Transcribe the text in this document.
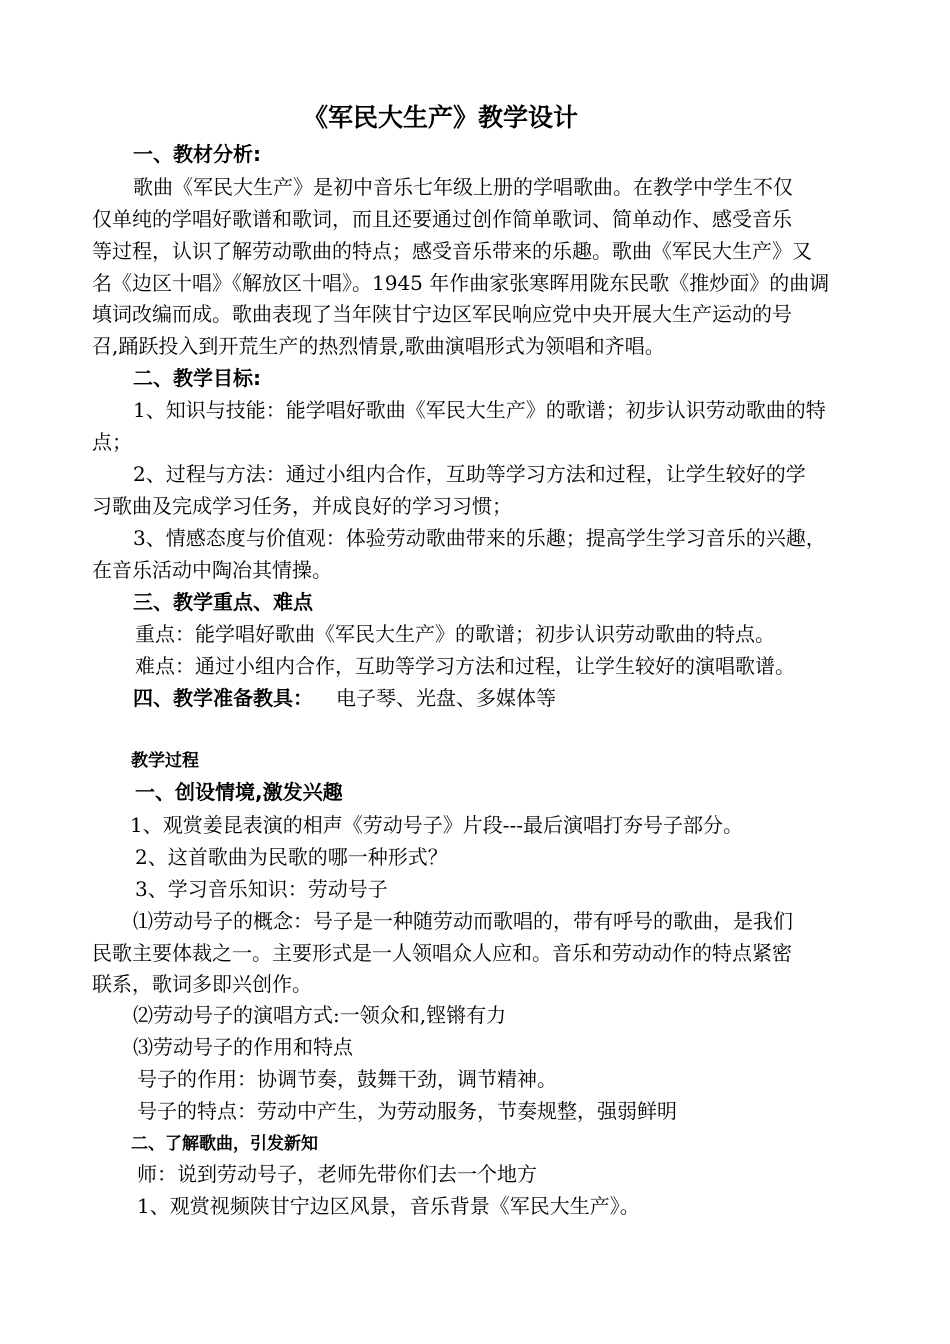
《军民大生产》教学设计
一、教材分析:
歌曲《军民大生产》是初中音乐七年级上册的学唱歌曲。在教学中学生不仅
仅单纯的学唱好歌谱和歌词，而且还要通过创作简单歌词、简单动作、感受音乐
等过程，认识了解劳动歌曲的特点；感受音乐带来的乐趣。歌曲《军民大生产》又
名《边区十唱》《解放区十唱》。1945 年作曲家张寒晖用陇东民歌《推炒面》的曲调
填词改编而成。歌曲表现了当年陕甘宁边区军民响应党中央开展大生产运动的号
召,踊跃投入到开荒生产的热烈情景,歌曲演唱形式为领唱和齐唱。
二、教学目标:
1、知识与技能：能学唱好歌曲《军民大生产》的歌谱；初步认识劳动歌曲的特
点；
2、过程与方法：通过小组内合作，互助等学习方法和过程，让学生较好的学
习歌曲及完成学习任务，并成良好的学习习惯；
3、情感态度与价值观：体验劳动歌曲带来的乐趣；提高学生学习音乐的兴趣，
在音乐活动中陶冶其情操。
三、教学重点、难点
重点：能学唱好歌曲《军民大生产》的歌谱；初步认识劳动歌曲的特点。
难点：通过小组内合作，互助等学习方法和过程，让学生较好的演唱歌谱。
四、教学准备教具： 电子琴、光盘、多媒体等
教学过程
一、创设情境,激发兴趣
1、观赏姜昆表演的相声《劳动号子》片段---最后演唱打夯号子部分。
2、这首歌曲为民歌的哪一种形式？
3、学习音乐知识：劳动号子
⑴劳动号子的概念：号子是一种随劳动而歌唱的，带有呼号的歌曲，是我们
民歌主要体裁之一。主要形式是一人领唱众人应和。音乐和劳动动作的特点紧密
联系，歌词多即兴创作。
⑵劳动号子的演唱方式:一领众和,铿锵有力
⑶劳动号子的作用和特点
号子的作用：协调节奏，鼓舞干劲，调节精神。
号子的特点：劳动中产生，为劳动服务，节奏规整，强弱鲜明
二、了解歌曲，引发新知
师：说到劳动号子，老师先带你们去一个地方
1、观赏视频陕甘宁边区风景，音乐背景《军民大生产》。
